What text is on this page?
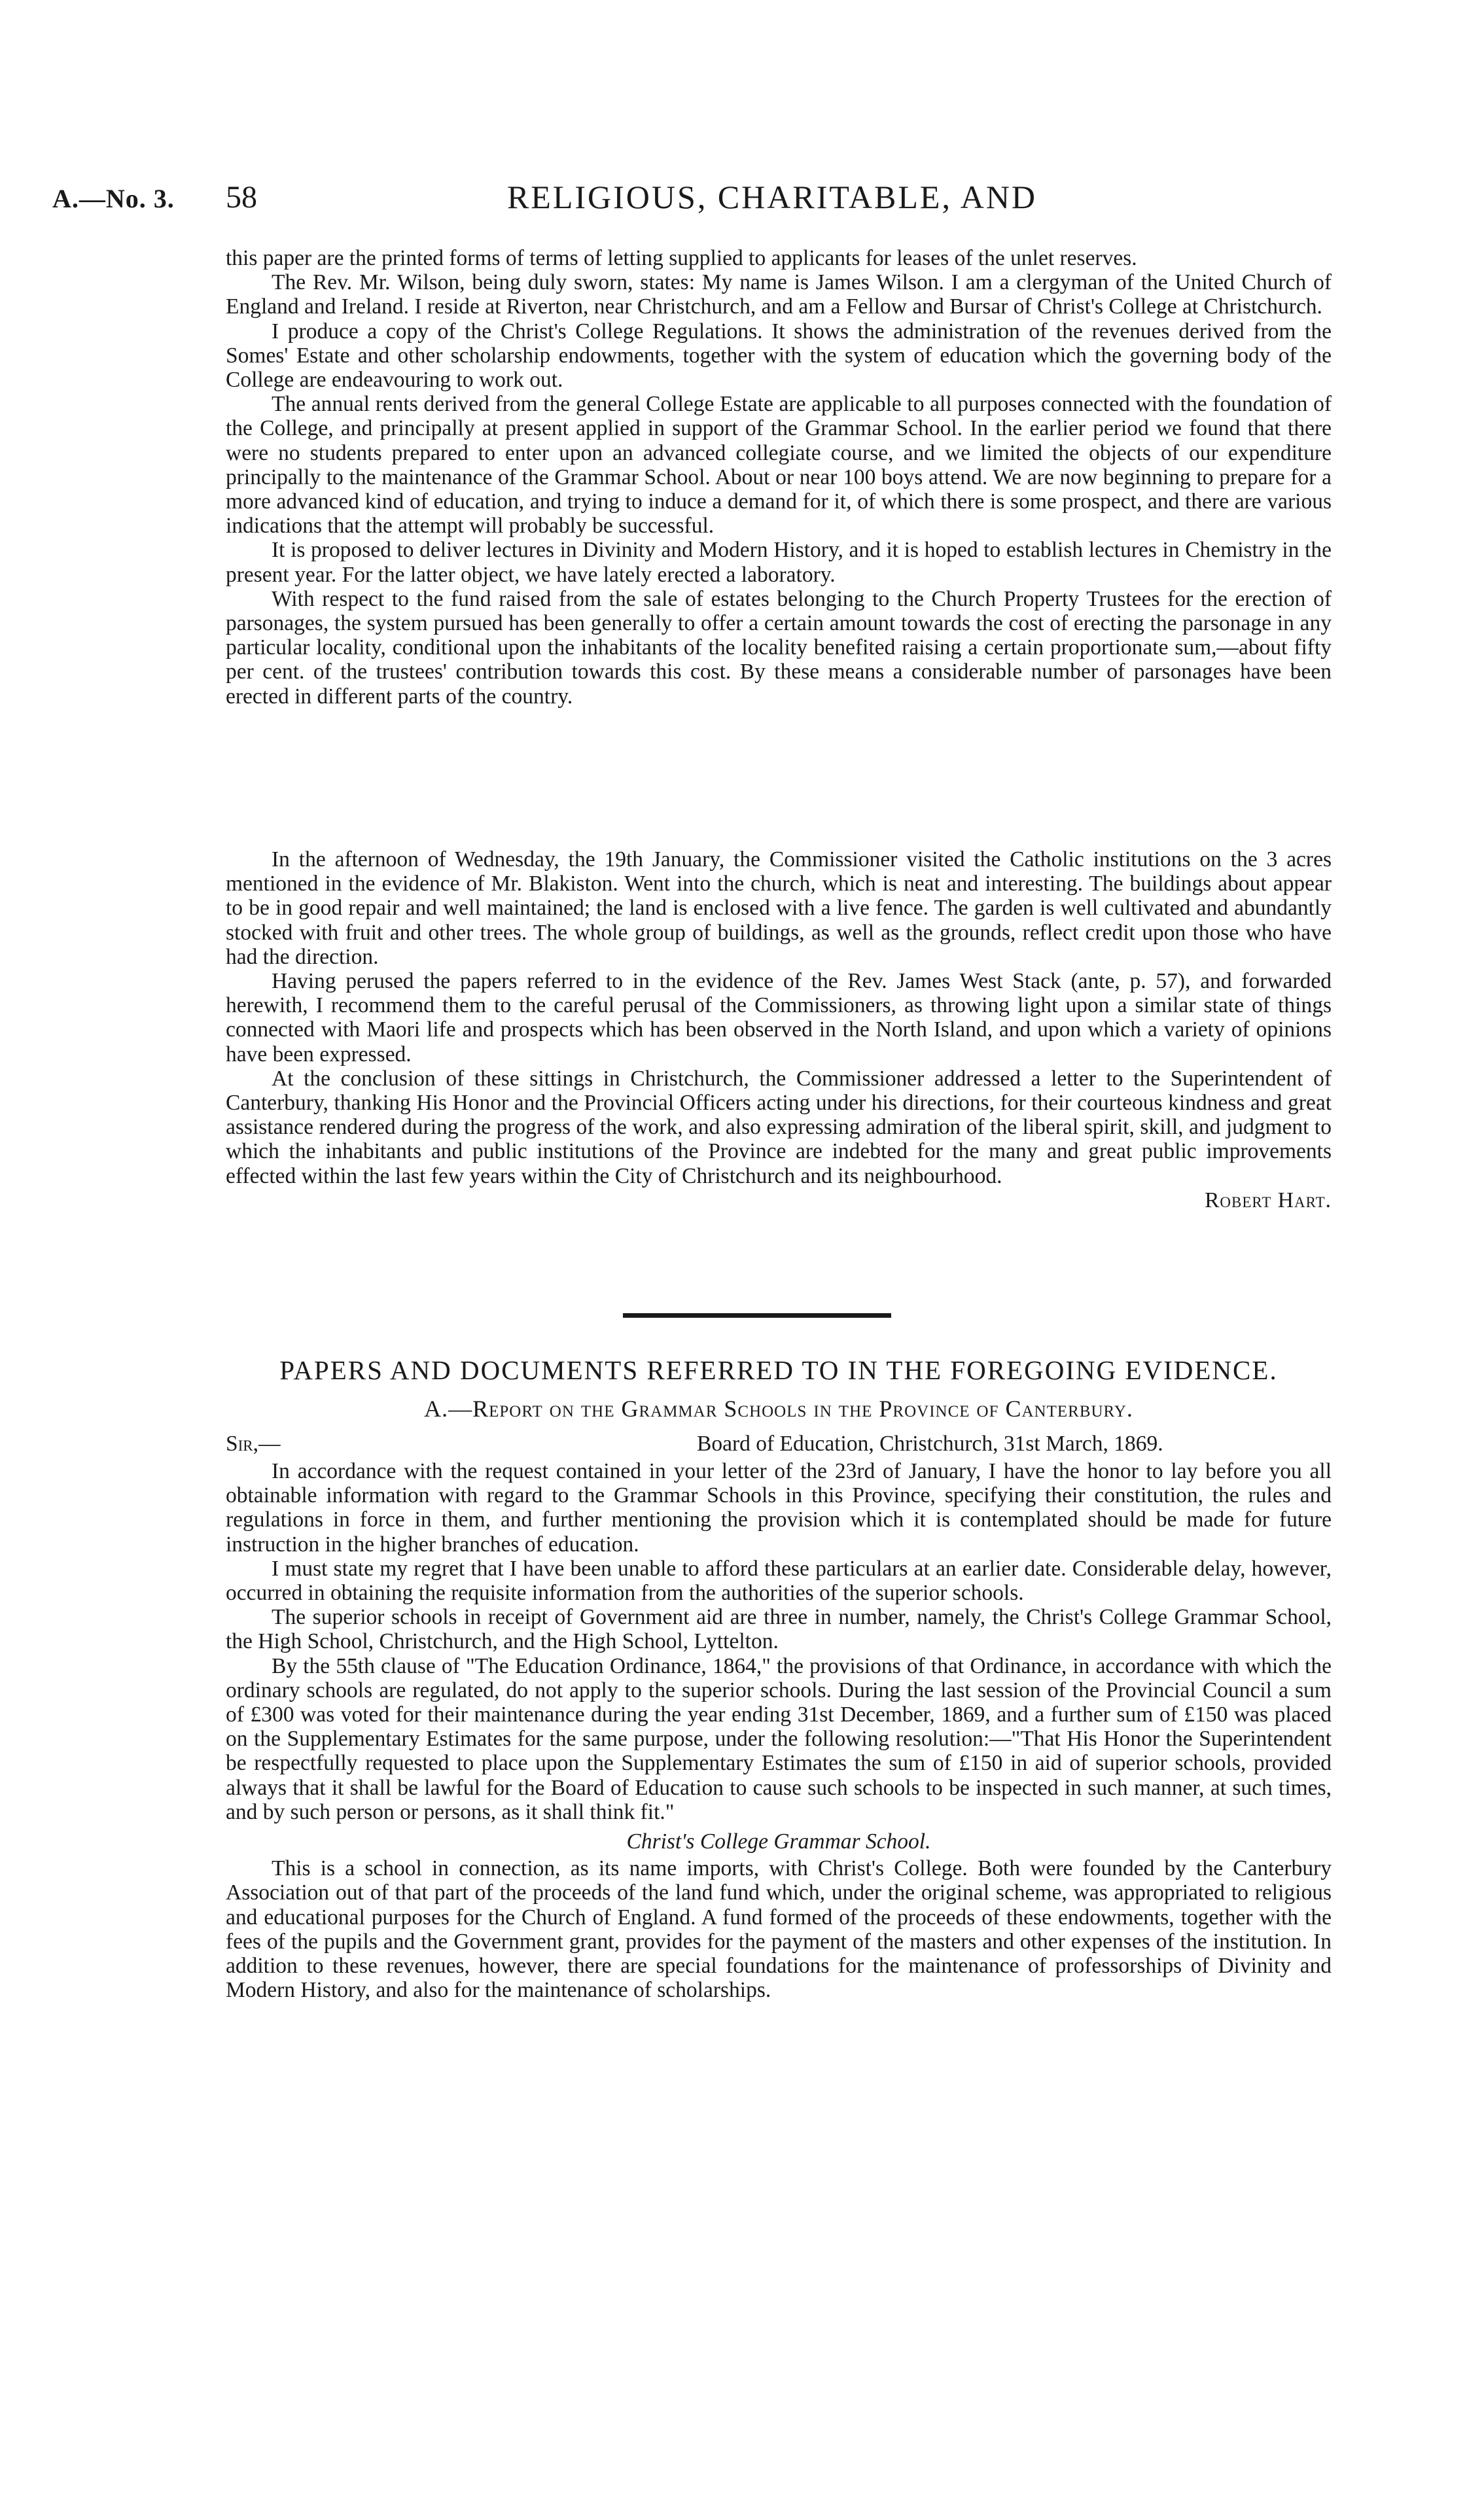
A.—No. 3. 58	RELIGIOUS, CHARITABLE, AND

this paper are the printed forms of terms of letting supplied to applicants for leases of the unlet reserves.

The Rev. Mr. Wilson, being duly sworn, states: My name is James Wilson. I am a clergyman of the United Church of England and Ireland. I reside at Riverton, near Christchurch, and am a Fellow and Bursar of Christ's College at Christchurch.

I produce a copy of the Christ's College Regulations. It shows the administration of the revenues derived from the Somes' Estate and other scholarship endowments, together with the system of education which the governing body of the College are endeavouring to work out.

The annual rents derived from the general College Estate are applicable to all purposes connected with the foundation of the College, and principally at present applied in support of the Grammar School. In the earlier period we found that there were no students prepared to enter upon an advanced collegiate course, and we limited the objects of our expenditure principally to the maintenance of the Grammar School. About or near 100 boys attend. We are now beginning to prepare for a more advanced kind of education, and trying to induce a demand for it, of which there is some prospect, and there are various indications that the attempt will probably be successful.

It is proposed to deliver lectures in Divinity and Modern History, and it is hoped to establish lectures in Chemistry in the present year. For the latter object, we have lately erected a laboratory.

With respect to the fund raised from the sale of estates belonging to the Church Property Trustees for the erection of parsonages, the system pursued has been generally to offer a certain amount towards the cost of erecting the parsonage in any particular locality, conditional upon the inhabitants of the locality benefited raising a certain proportionate sum,—about fifty per cent. of the trustees' contribution towards this cost. By these means a considerable number of parsonages have been erected in different parts of the country.

In the afternoon of Wednesday, the 19th January, the Commissioner visited the Catholic institutions on the 3 acres mentioned in the evidence of Mr. Blakiston. Went into the church, which is neat and interesting. The buildings about appear to be in good repair and well maintained; the land is enclosed with a live fence. The garden is well cultivated and abundantly stocked with fruit and other trees. The whole group of buildings, as well as the grounds, reflect credit upon those who have had the direction.

Having perused the papers referred to in the evidence of the Rev. James West Stack (ante, p. 57), and forwarded herewith, I recommend them to the careful perusal of the Commissioners, as throwing light upon a similar state of things connected with Maori life and prospects which has been observed in the North Island, and upon which a variety of opinions have been expressed.

At the conclusion of these sittings in Christchurch, the Commissioner addressed a letter to the Superintendent of Canterbury, thanking His Honor and the Provincial Officers acting under his directions, for their courteous kindness and great assistance rendered during the progress of the work, and also expressing admiration of the liberal spirit, skill, and judgment to which the inhabitants and public institutions of the Province are indebted for the many and great public improvements effected within the last few years within the City of Christchurch and its neighbourhood.

Robert Hart.

PAPERS AND DOCUMENTS REFERRED TO IN THE FOREGOING EVIDENCE.
A.—Report on the Grammar Schools in the Province of Canterbury.
Sir,—	Board of Education, Christchurch, 31st March, 1869.

In accordance with the request contained in your letter of the 23rd of January, I have the honor to lay before you all obtainable information with regard to the Grammar Schools in this Province, specifying their constitution, the rules and regulations in force in them, and further mentioning the provision which it is contemplated should be made for future instruction in the higher branches of education.

I must state my regret that I have been unable to afford these particulars at an earlier date. Considerable delay, however, occurred in obtaining the requisite information from the authorities of the superior schools.

The superior schools in receipt of Government aid are three in number, namely, the Christ's College Grammar School, the High School, Christchurch, and the High School, Lyttelton.

By the 55th clause of "The Education Ordinance, 1864," the provisions of that Ordinance, in accordance with which the ordinary schools are regulated, do not apply to the superior schools. During the last session of the Provincial Council a sum of £300 was voted for their maintenance during the year ending 31st December, 1869, and a further sum of £150 was placed on the Supplementary Estimates for the same purpose, under the following resolution:—"That His Honor the Superintendent be respectfully requested to place upon the Supplementary Estimates the sum of £150 in aid of superior schools, provided always that it shall be lawful for the Board of Education to cause such schools to be inspected in such manner, at such times, and by such person or persons, as it shall think fit."

Christ's College Grammar School.

This is a school in connection, as its name imports, with Christ's College. Both were founded by the Canterbury Association out of that part of the proceeds of the land fund which, under the original scheme, was appropriated to religious and educational purposes for the Church of England. A fund formed of the proceeds of these endowments, together with the fees of the pupils and the Government grant, provides for the payment of the masters and other expenses of the institution. In addition to these revenues, however, there are special foundations for the maintenance of professorships of Divinity and Modern History, and also for the maintenance of scholarships.
